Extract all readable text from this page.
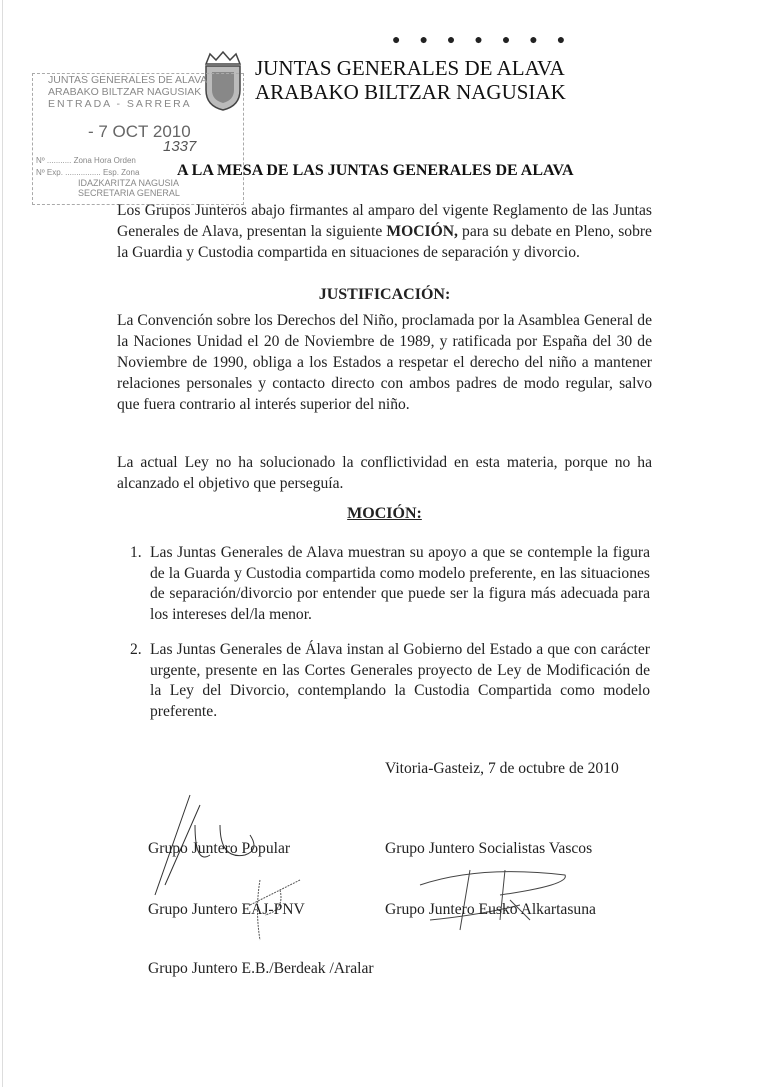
●●●●●●●
JUNTAS GENERALES DE ALAVA
ARABAKO BILTZAR NAGUSIAK
JUNTAS GENERALES DE ALAVA
ARABAKO BILTZAR NAGUSIAK
ENTRADA - SARRERA
- 7 OCT 2010
1337
Nº ........... Zona Hora Orden
Nº Exp. ................ Esp. Zona
IDAZKARITZA NAGUSIA
SECRETARIA GENERAL
A LA MESA DE LAS JUNTAS GENERALES DE ALAVA
Los Grupos Junteros abajo firmantes al amparo del vigente Reglamento de las Juntas Generales de Alava, presentan la siguiente MOCIÓN, para su debate en Pleno, sobre la Guardia y Custodia compartida en situaciones de separación y divorcio.
JUSTIFICACIÓN:
La Convención sobre los Derechos del Niño, proclamada por la Asamblea General de la Naciones Unidad el 20 de Noviembre de 1989, y ratificada por España del 30 de Noviembre de 1990, obliga a los Estados a respetar el derecho del niño a mantener relaciones personales y contacto directo con ambos padres de modo regular, salvo que fuera contrario al interés superior del niño.
La actual Ley no ha solucionado la conflictividad en esta materia, porque no ha alcanzado el objetivo que perseguía.
MOCIÓN:
1. Las Juntas Generales de Alava muestran su apoyo a que se contemple la figura de la Guarda y Custodia compartida como modelo preferente, en las situaciones de separación/divorcio por entender que puede ser la figura más adecuada para los intereses del/la menor.
2. Las Juntas Generales de Álava instan al Gobierno del Estado a que con carácter urgente, presente en las Cortes Generales proyecto de Ley de Modificación de la Ley del Divorcio, contemplando la Custodia Compartida como modelo preferente.
Vitoria-Gasteiz, 7 de octubre de 2010
Grupo Juntero Popular	Grupo Juntero Socialistas Vascos
Grupo Juntero EAJ-PNV	Grupo Juntero Eusko Alkartasuna
Grupo Juntero E.B./Berdeak /Aralar
